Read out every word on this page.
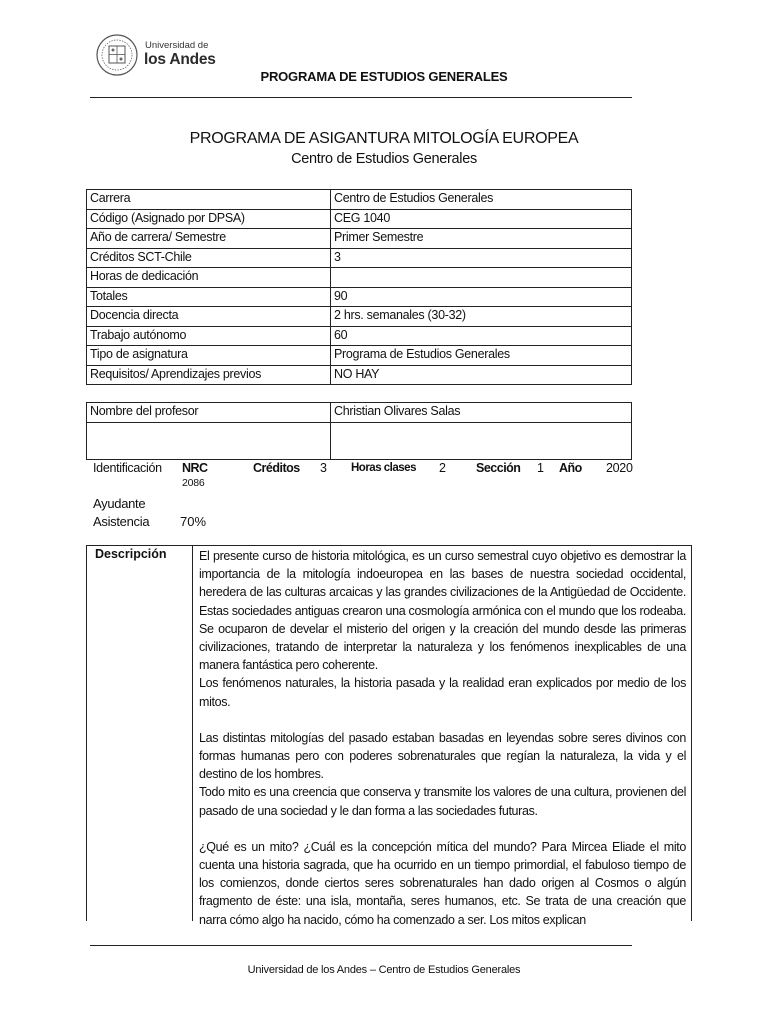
Universidad de
los Andes
PROGRAMA DE ESTUDIOS GENERALES
PROGRAMA DE ASIGANTURA MITOLOGÍA EUROPEA
Centro de Estudios Generales
Carrera	Centro de Estudios Generales
Código (Asignado por DPSA)	CEG 1040
Año de carrera/ Semestre	Primer Semestre
Créditos SCT-Chile	3
Horas de dedicación	
Totales	90
Docencia directa	2 hrs. semanales (30-32)
Trabajo autónomo	60
Tipo de asignatura	Programa de Estudios Generales
Requisitos/ Aprendizajes previos	NO HAY
Nombre del profesor	Christian Olivares Salas

Identificación NRC
2086
Créditos 3 Horas clases 2 Sección 1 Año 2020
Ayudante
Asistencia 70%
Descripción	El presente curso de historia mitológica, es un curso semestral cuyo objetivo es demostrar la importancia de la mitología indoeuropea en las bases de nuestra sociedad occidental, heredera de las culturas arcaicas y las grandes civilizaciones de la Antigüedad de Occidente. Estas sociedades antiguas crearon una cosmología armónica con el mundo que los rodeaba. Se ocuparon de develar el misterio del origen y la creación del mundo desde las primeras civilizaciones, tratando de interpretar la naturaleza y los fenómenos inexplicables de una manera fantástica pero coherente.

Los fenómenos naturales, la historia pasada y la realidad eran explicados por medio de los mitos.

Las distintas mitologías del pasado estaban basadas en leyendas sobre seres divinos con formas humanas pero con poderes sobrenaturales que regían la naturaleza, la vida y el destino de los hombres.

Todo mito es una creencia que conserva y transmite los valores de una cultura, provienen del pasado de una sociedad y le dan forma a las sociedades futuras.

¿Qué es un mito? ¿Cuál es la concepción mítica del mundo? Para Mircea Eliade el mito cuenta una historia sagrada, que ha ocurrido en un tiempo primordial, el fabuloso tiempo de los comienzos, donde ciertos seres sobrenaturales han dado origen al Cosmos o algún fragmento de éste: una isla, montaña, seres humanos, etc. Se trata de una creación que narra cómo algo ha nacido, cómo ha comenzado a ser. Los mitos explican

Universidad de los Andes – Centro de Estudios Generales
